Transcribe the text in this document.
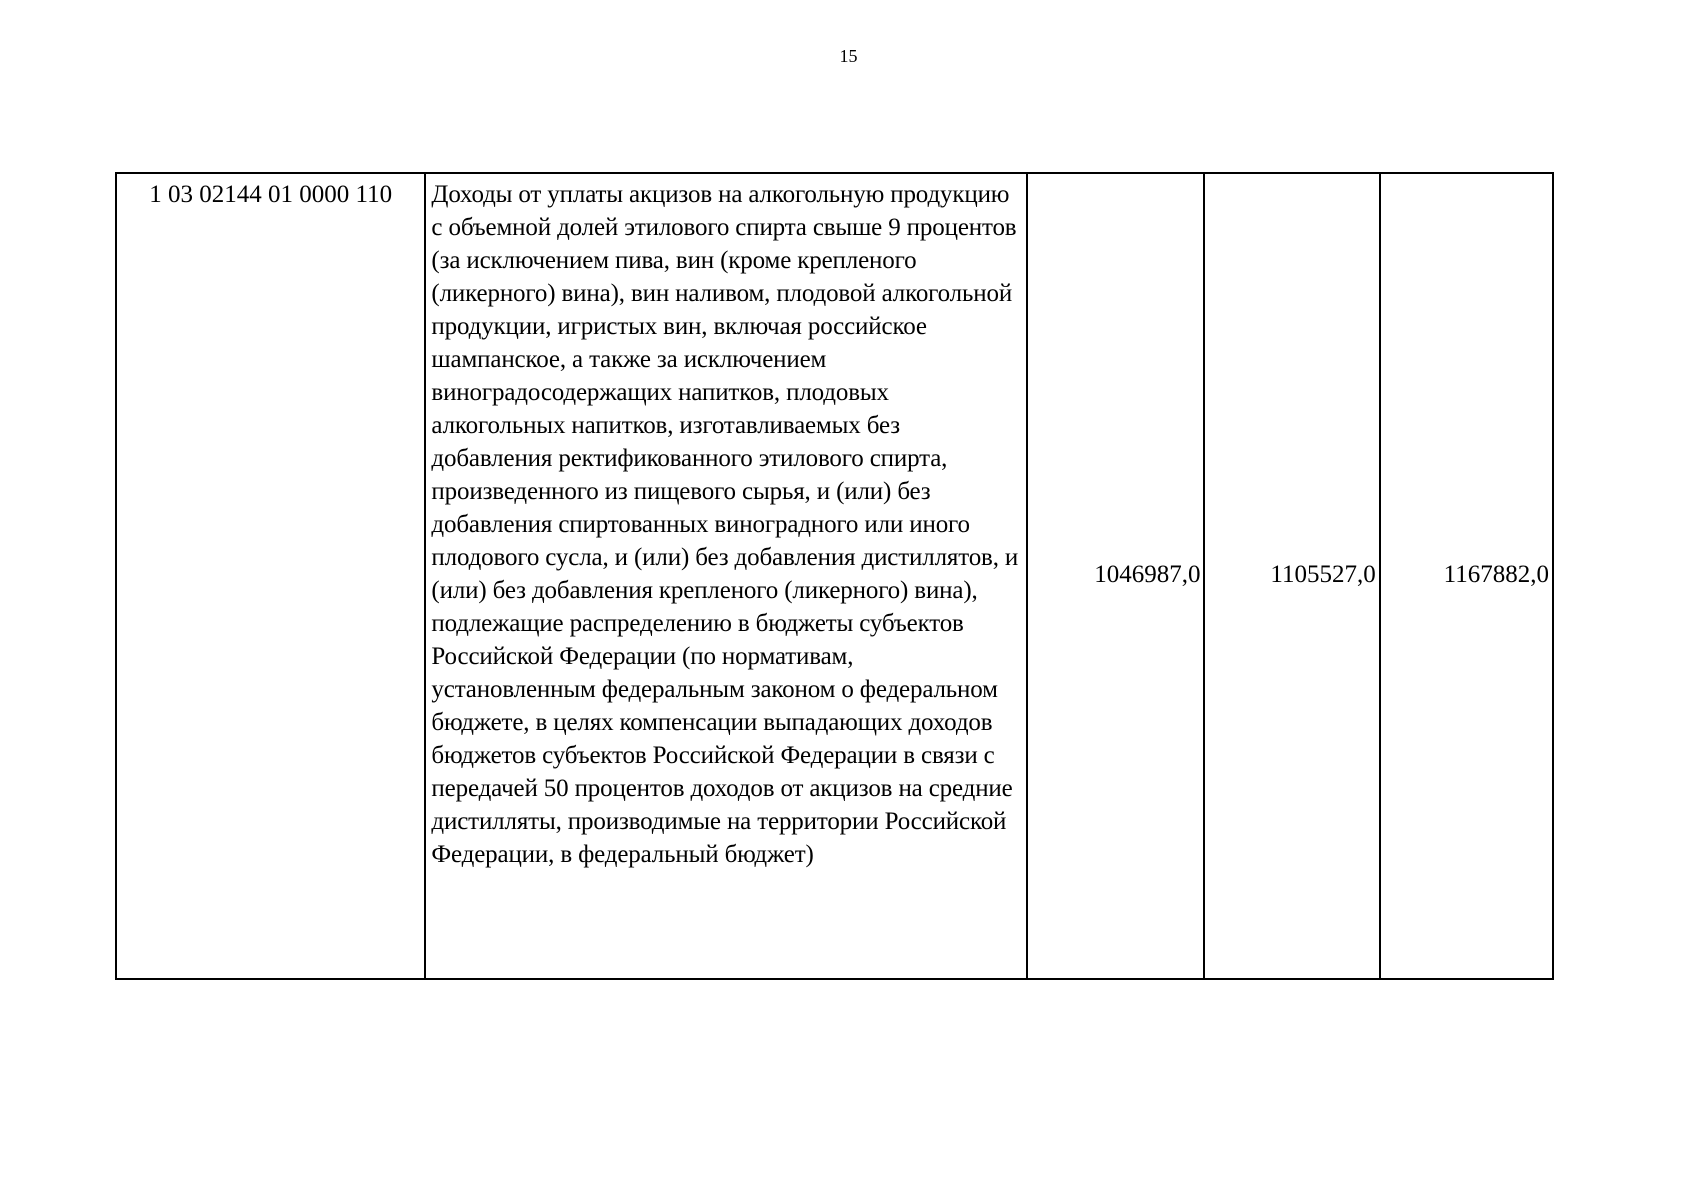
15
1 03 02144 01 0000 110	Доходы от уплаты акцизов на алкогольную продукцию с объемной долей этилового спирта свыше 9 процентов (за исключением пива, вин (кроме крепленого (ликерного) вина), вин наливом, плодовой алкогольной продукции, игристых вин, включая российское шампанское, а также за исключением виноградосодержащих напитков, плодовых алкогольных напитков, изготавливаемых без добавления ректификованного этилового спирта, произведенного из пищевого сырья, и (или) без добавления спиртованных виноградного или иного плодового сусла, и (или) без добавления дистиллятов, и (или) без добавления крепленого (ликерного) вина), подлежащие распределению в бюджеты субъектов Российской Федерации (по нормативам, установленным федеральным законом о федеральном бюджете, в целях компенсации выпадающих доходов бюджетов субъектов Российской Федерации в связи с передачей 50 процентов доходов от акцизов на средние дистилляты, производимые на территории Российской Федерации, в федеральный бюджет)	1046987,0	1105527,0	1167882,0
